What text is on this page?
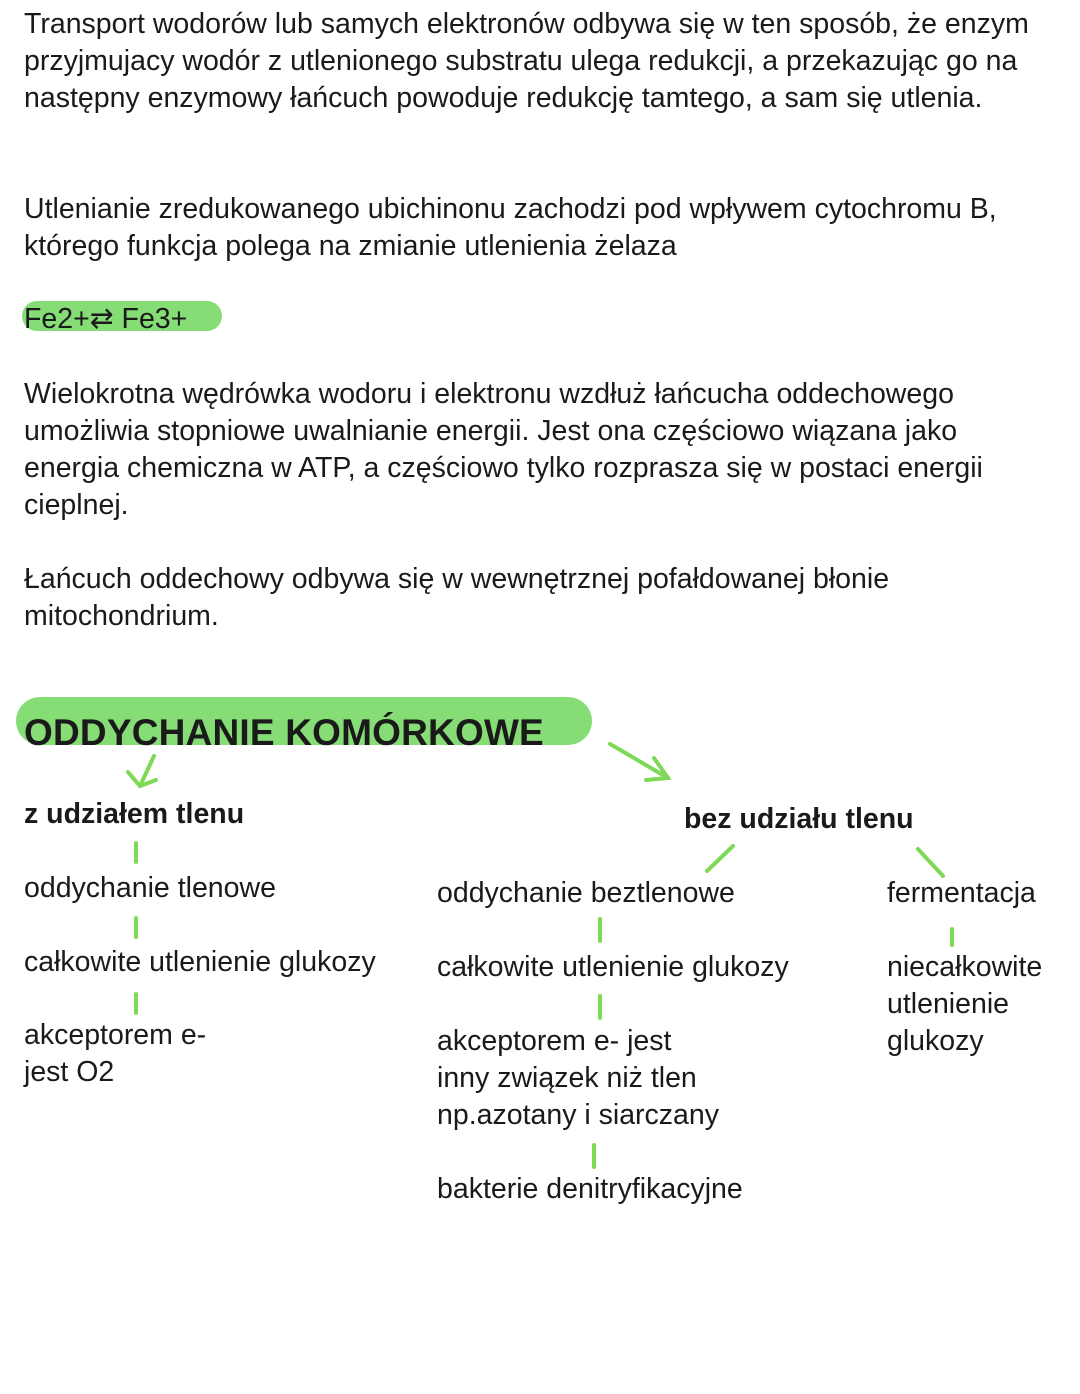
Transport wodorów lub samych elektronów odbywa się w ten sposób, że enzym przyjmujacy wodór z utlenionego substratu ulega redukcji, a przekazując go na następny enzymowy łańcuch powoduje redukcję tamtego, a sam się utlenia.

Utlenianie zredukowanego ubichinonu zachodzi pod wpływem cytochromu B, którego funkcja polega na zmianie utlenienia żelaza

Fe2+⇄ Fe3+

Wielokrotna wędrówka wodoru i elektronu wzdłuż łańcucha oddechowego umożliwia stopniowe uwalnianie energii. Jest ona częściowo wiązana jako energia chemiczna w ATP, a częściowo tylko rozprasza się w postaci energii cieplnej.

Łańcuch oddechowy odbywa się w wewnętrznej pofałdowanej błonie mitochondrium.

ODDYCHANIE KOMÓRKOWE

z udziałem tlenu

oddychanie tlenowe

całkowite utlenienie glukozy

akceptorem e-

jest O2

bez udziału tlenu

oddychanie beztlenowe

całkowite utlenienie glukozy

akceptorem e- jest

inny związek niż tlen

np.azotany i siarczany

bakterie denitryfikacyjne

fermentacja

niecałkowite

utlenienie

glukozy
